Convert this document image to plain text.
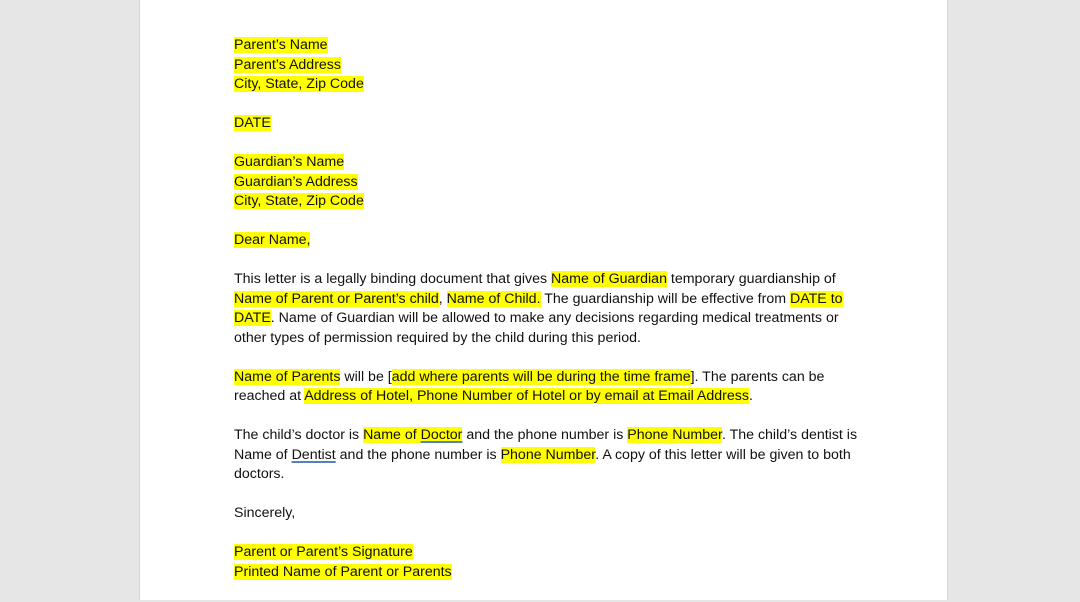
Parent’s Name
Parent’s Address
City, State, Zip Code
DATE
Guardian’s Name
Guardian’s Address
City, State, Zip Code
Dear Name,
This letter is a legally binding document that gives Name of Guardian temporary guardianship of Name of Parent or Parent’s child, Name of Child. The guardianship will be effective from DATE to DATE. Name of Guardian will be allowed to make any decisions regarding medical treatments or other types of permission required by the child during this period.
Name of Parents will be [add where parents will be during the time frame]. The parents can be reached at Address of Hotel, Phone Number of Hotel or by email at Email Address.
The child’s doctor is Name of Doctor and the phone number is Phone Number. The child’s dentist is Name of Dentist and the phone number is Phone Number. A copy of this letter will be given to both doctors.
Sincerely,
Parent or Parent’s Signature
Printed Name of Parent or Parents
